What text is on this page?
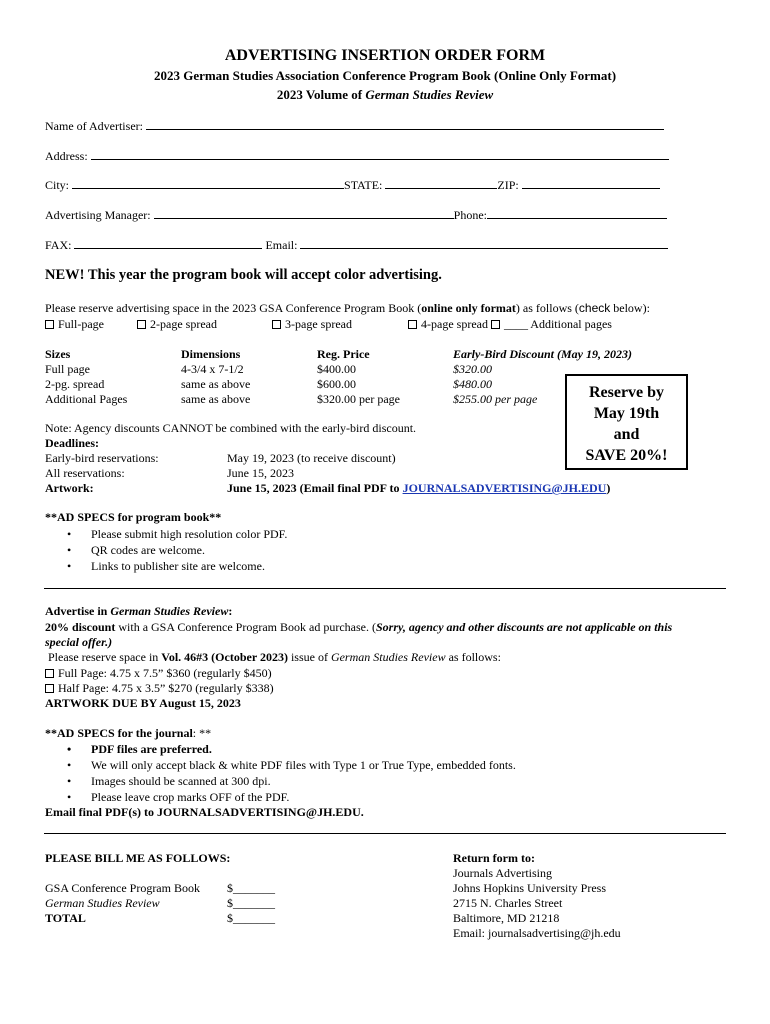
ADVERTISING INSERTION ORDER FORM
2023 German Studies Association Conference Program Book (Online Only Format)
2023 Volume of German Studies Review
Name of Advertiser:
Address:
City:	STATE:	ZIP:
Advertising Manager:	Phone:
FAX:	Email:
NEW! This year the program book will accept color advertising.
Please reserve advertising space in the 2023 GSA Conference Program Book (online only format) as follows (check below):
Full-page	2-page spread	3-page spread	4-page spread ____ Additional pages
Sizes	Dimensions	Reg. Price	Early-Bird Discount (May 19, 2023)
Full page	4-3/4 x 7-1/2	$400.00	$320.00
2-pg. spread	same as above	$600.00	$480.00
Additional Pages	same as above	$320.00 per page	$255.00 per page	Reserve by
May 19th
and
SAVE 20%!
Note: Agency discounts CANNOT be combined with the early-bird discount.
Deadlines:
Early-bird reservations:	May 19, 2023 (to receive discount)
All reservations:	June 15, 2023
Artwork:	June 15, 2023 (Email final PDF to JOURNALSADVERTISING@JH.EDU)
**AD SPECS for program book**
• Please submit high resolution color PDF.
• QR codes are welcome.
• Links to publisher site are welcome.
Advertise in German Studies Review:
20% discount with a GSA Conference Program Book ad purchase. (Sorry, agency and other discounts are not applicable on this
special offer.)
Please reserve space in Vol. 46#3 (October 2023) issue of German Studies Review as follows:
Full Page: 4.75 x 7.5” $360 (regularly $450)
Half Page: 4.75 x 3.5” $270 (regularly $338)
ARTWORK DUE BY August 15, 2023
**AD SPECS for the journal: **
• PDF files are preferred.
• We will only accept black & white PDF files with Type 1 or True Type, embedded fonts.
• Images should be scanned at 300 dpi.
• Please leave crop marks OFF of the PDF.
Email final PDF(s) to JOURNALSADVERTISING@JH.EDU.
PLEASE BILL ME AS FOLLOWS:
GSA Conference Program Book $_______
German Studies Review	$_______
TOTAL	$_______
Return form to:
Journals Advertising
Johns Hopkins University Press
2715 N. Charles Street
Baltimore, MD 21218
Email: journalsadvertising@jh.edu
